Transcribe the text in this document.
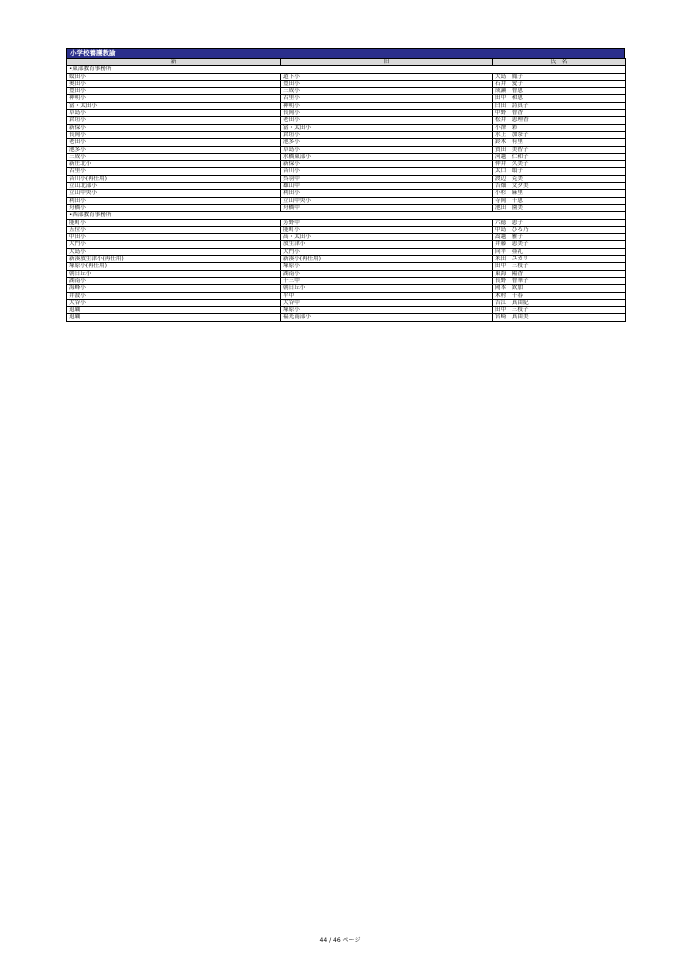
小学校養護教諭
新	旧	氏　名
•東部教育事務所		
蚊田小	道下小	大島　鳳子
奥田小	豊田小	石井　愛子
豊田小	三成小	成瀬　智恵
神明小	古里小	田中　和恵
富・太田小	神明小	臼田　詩真子
草島小	長岡小	中野　智香
倉垣小	老田小	松井　恵理香
新保小	富・太田小	小澤　彩
長岡小	倉垣小	水上　加奈子
老田小	池多小	鈴木　有里
池多小	草島小	賀田　美智子
三成小	水橋東部小	河越　仁和子
新庄北小	新保小	仲井　久美子
古里小	音川小	太口　頌子
音川小(再任用)	呉羽中	渡辺　克美
立山北部小	雄山中	吉畑　文夕美
立山中央小	利田小	小杉　麻里
利田小	立山中央小	寺岡　千恵
舟橋小	舟橋中	池田　園美
•西部教育事務所		
能町小	芳野中	六徳　恵子
五位小	能町小	中島　ひろ乃
中田小	高・太田小	嵩越　雅子
大門小	放生津小	井藤　恵美子
大島小	大門小	向平　亜礼
新湊放生津小(再任用)	新湊小(再任用)	米田　ユカリ
塚原小(再任用)	塚原小	田中　三枝子
朝日丘小	湖南小	東海　陽香
湖南小	十三中	長野　智華子
海峰小	朝日丘小	岡本　欽加
井波小	平中	木村　千春
大谷小	大谷中	吉江　真由紀
退職	塚原小	田中　三枝子
退職	福光南部小	宮崎　真由美
44 / 46 ページ
